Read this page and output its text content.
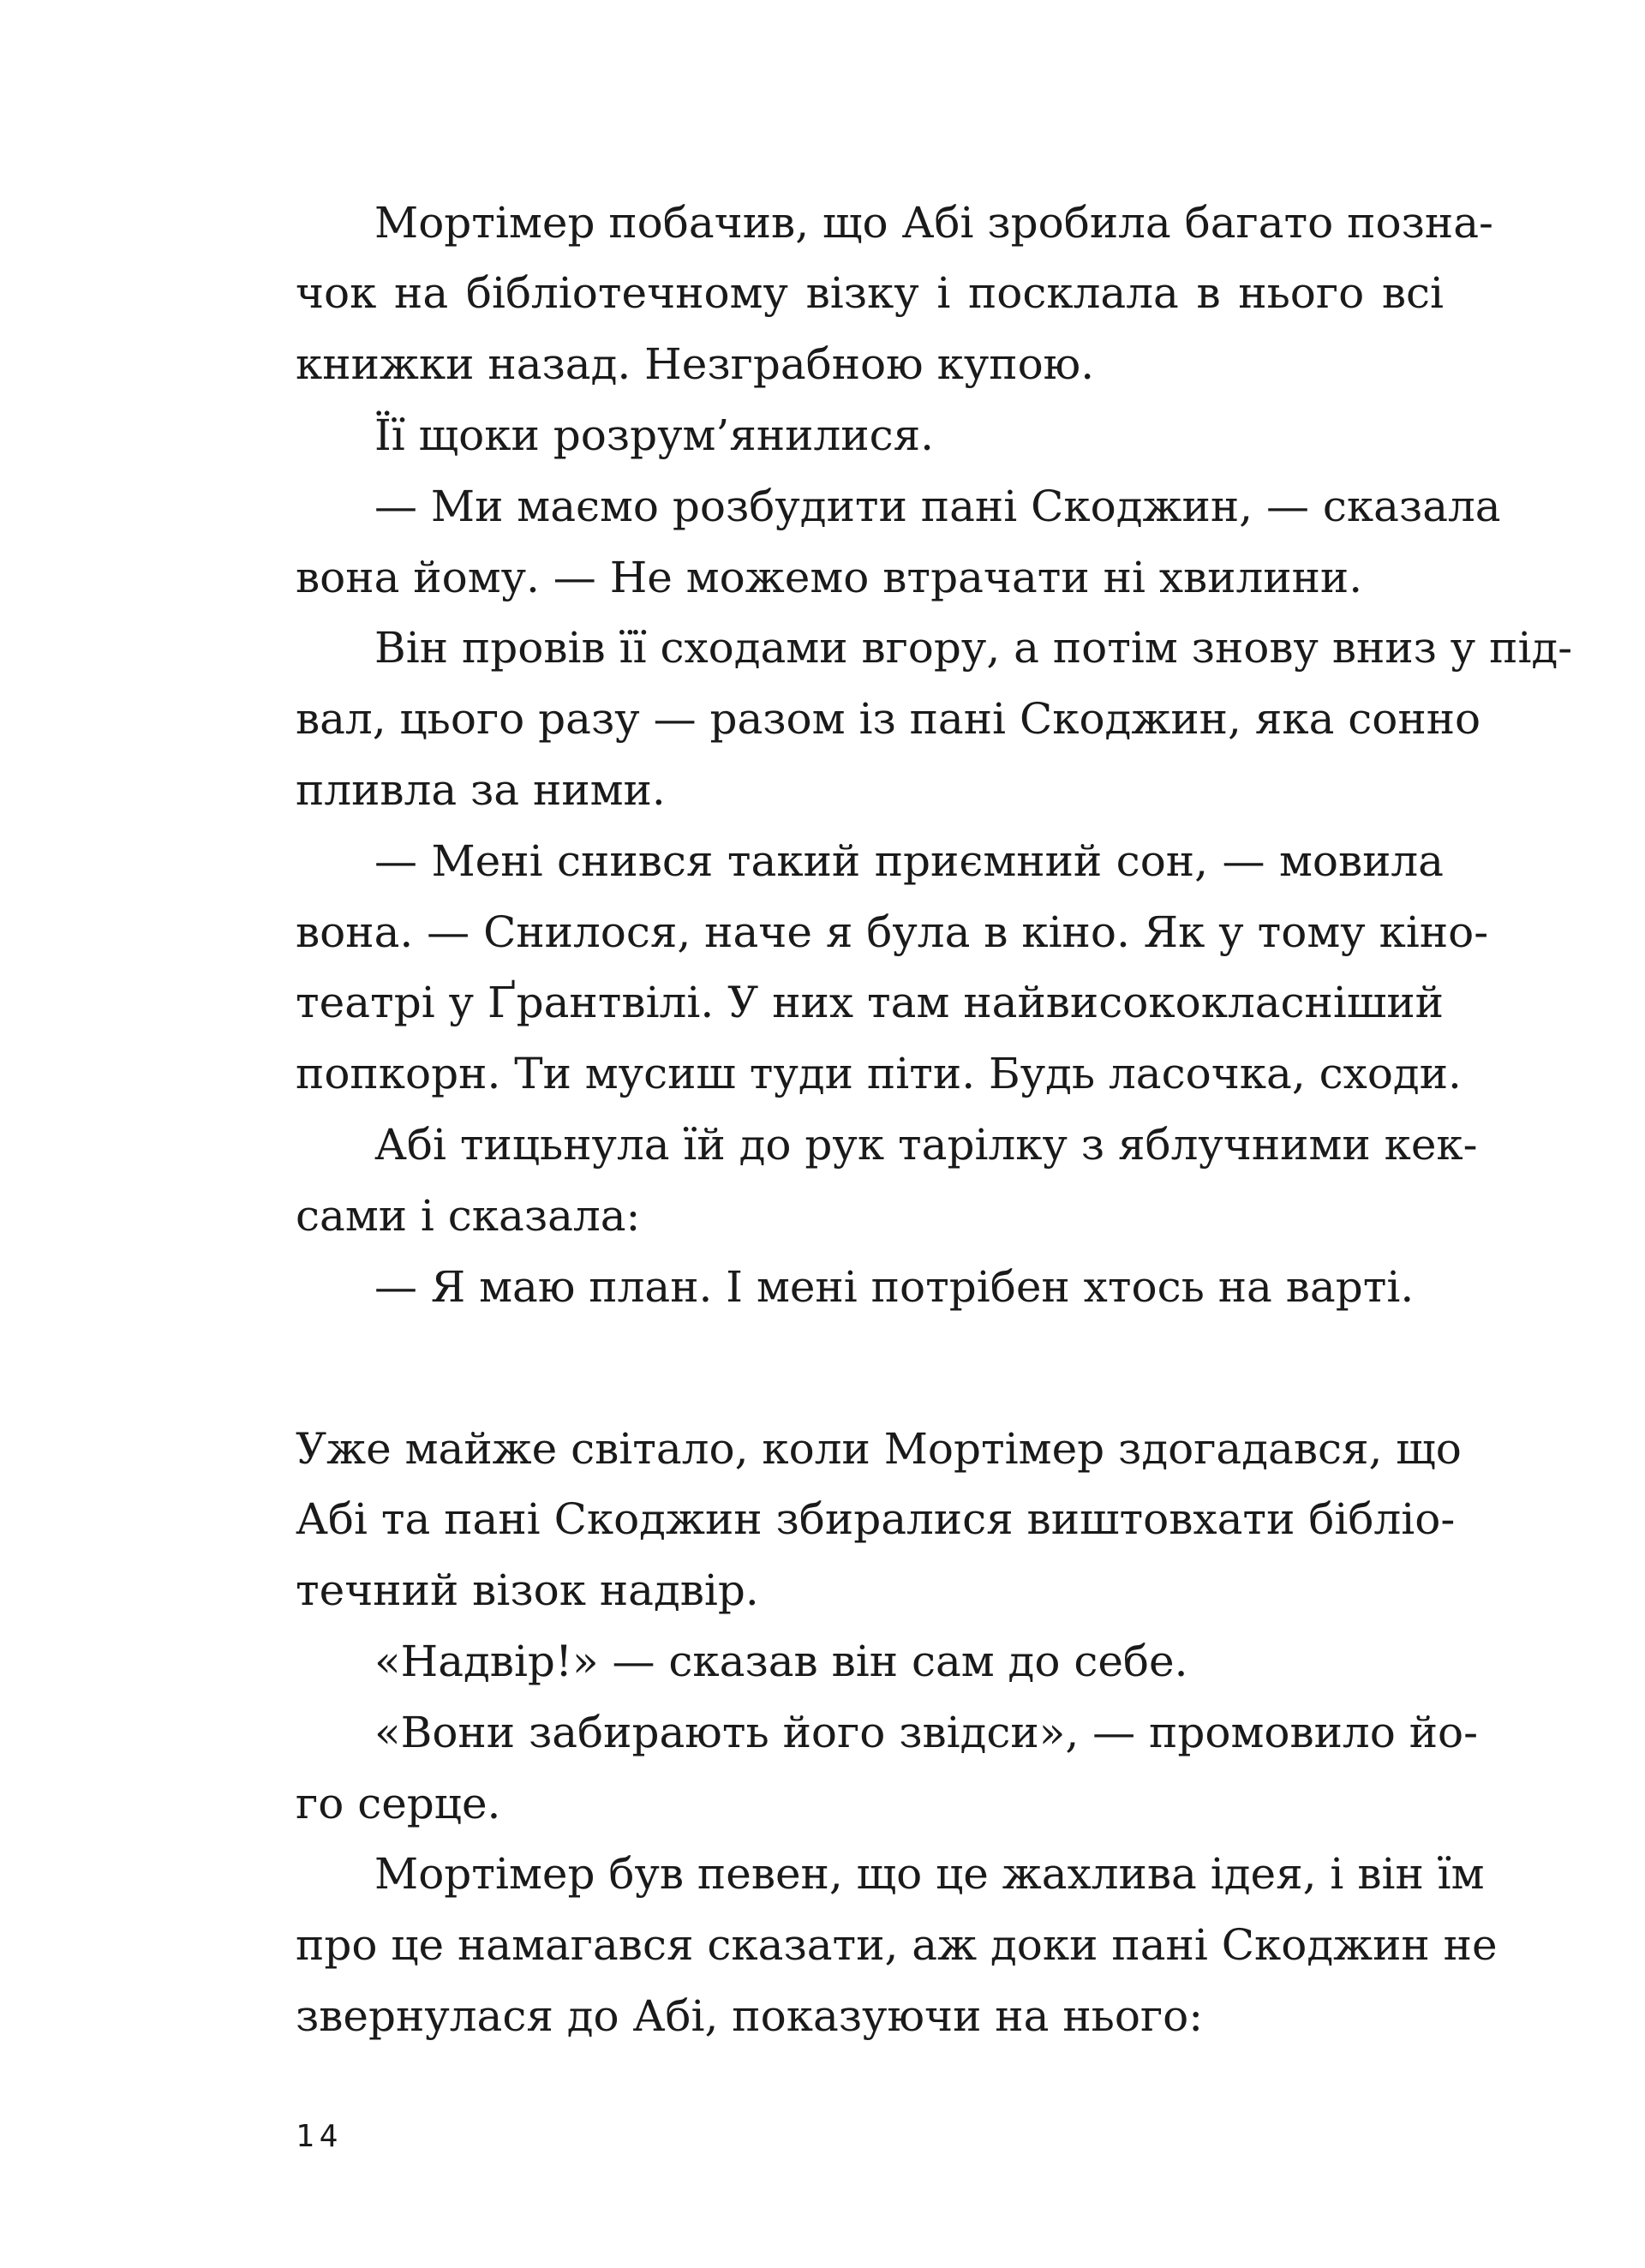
Мортімер побачив, що Абі зробила багато позна-
чок на бібліотечному візку і посклала в нього всі
книжки назад. Незграбною купою.
Її щоки розрум’янилися.
— Ми маємо розбудити пані Скоджин, — сказала
вона йому. — Не можемо втрачати ні хвилини.
Він провів її сходами вгору, а потім знову вниз у під-
вал, цього разу — разом із пані Скоджин, яка сонно
пливла за ними.
— Мені снився такий приємний сон, — мовила
вона. — Снилося, наче я була в кіно. Як у тому кіно-
театрі у Ґрантвілі. У них там найвисококласніший
попкорн. Ти мусиш туди піти. Будь ласочка, сходи.
Абі тицьнула їй до рук тарілку з яблучними кек-
сами і сказала:
— Я маю план. І мені потрібен хтось на варті.
Уже майже світало, коли Мортімер здогадався, що
Абі та пані Скоджин збиралися виштовхати бібліо-
течний візок надвір.
«Надвір!» — сказав він сам до себе.
«Вони забирають його звідси», — промовило йо-
го серце.
Мортімер був певен, що це жахлива ідея, і він їм
про це намагався сказати, аж доки пані Скоджин не
звернулася до Абі, показуючи на нього:
14
